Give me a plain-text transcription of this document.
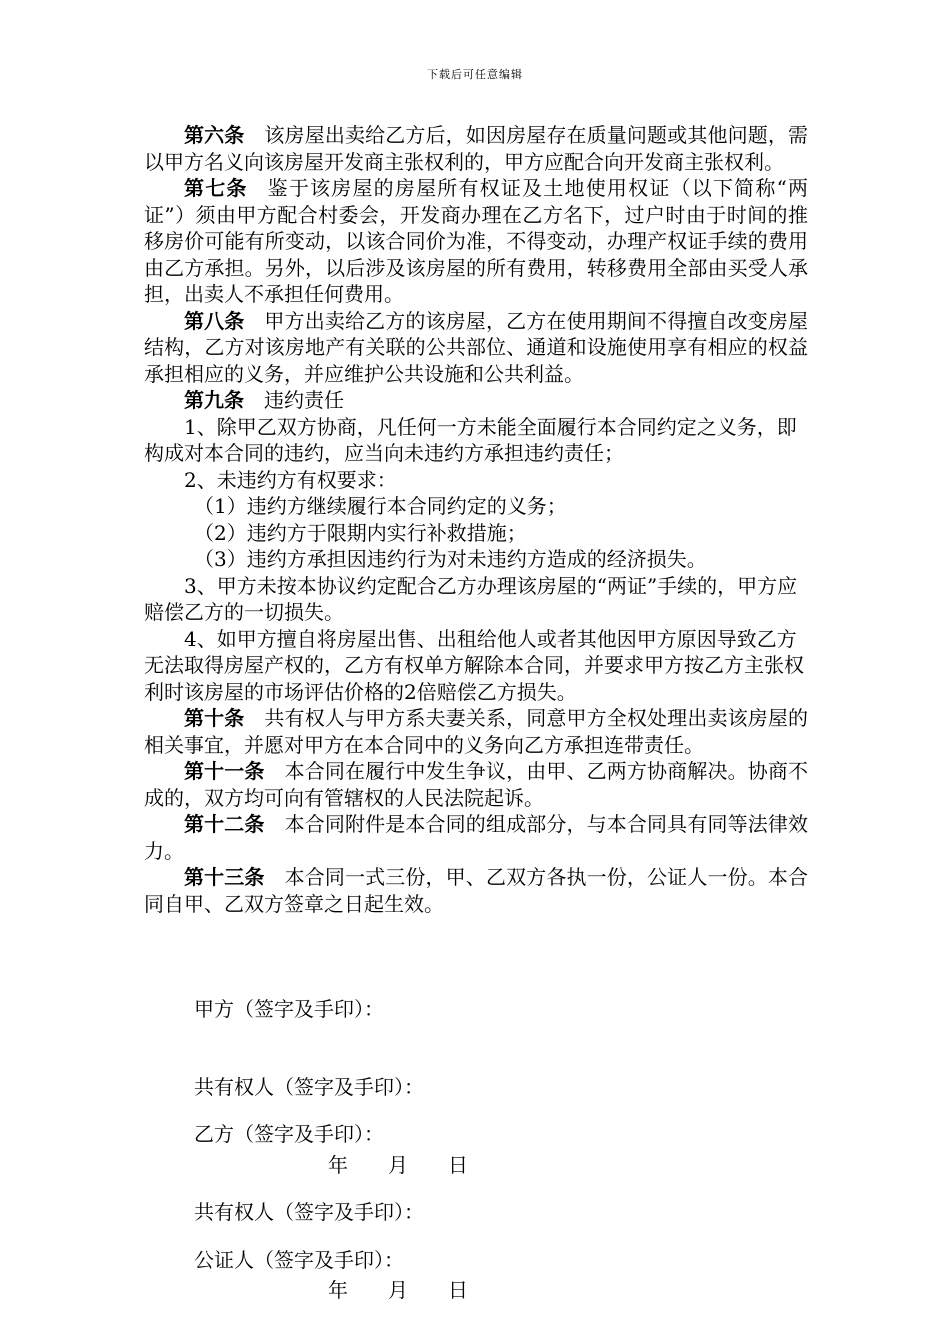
下载后可任意编辑

第六条 该房屋出卖给乙方后，如因房屋存在质量问题或其他问题，需以甲方名义向该房屋开发商主张权利的，甲方应配合向开发商主张权利。

第七条 鉴于该房屋的房屋所有权证及土地使用权证（以下简称“两证”）须由甲方配合村委会，开发商办理在乙方名下，过户时由于时间的推移房价可能有所变动，以该合同价为准，不得变动，办理产权证手续的费用由乙方承担。另外，以后涉及该房屋的所有费用，转移费用全部由买受人承担，出卖人不承担任何费用。

第八条 甲方出卖给乙方的该房屋，乙方在使用期间不得擅自改变房屋结构，乙方对该房地产有关联的公共部位、通道和设施使用享有相应的权益承担相应的义务，并应维护公共设施和公共利益。

第九条 违约责任

1、除甲乙双方协商，凡任何一方未能全面履行本合同约定之义务，即构成对本合同的违约，应当向未违约方承担违约责任；

2、未违约方有权要求：

（1）违约方继续履行本合同约定的义务；

（2）违约方于限期内实行补救措施；

（3）违约方承担因违约行为对未违约方造成的经济损失。

3、甲方未按本协议约定配合乙方办理该房屋的“两证”手续的，甲方应赔偿乙方的一切损失。

4、如甲方擅自将房屋出售、出租给他人或者其他因甲方原因导致乙方无法取得房屋产权的，乙方有权单方解除本合同，并要求甲方按乙方主张权利时该房屋的市场评估价格的2倍赔偿乙方损失。

第十条 共有权人与甲方系夫妻关系，同意甲方全权处理出卖该房屋的相关事宜，并愿对甲方在本合同中的义务向乙方承担连带责任。

第十一条 本合同在履行中发生争议，由甲、乙两方协商解决。协商不成的，双方均可向有管辖权的人民法院起诉。

第十二条 本合同附件是本合同的组成部分，与本合同具有同等法律效力。

第十三条 本合同一式三份，甲、乙双方各执一份，公证人一份。本合同自甲、乙双方签章之日起生效。

甲方（签字及手印）：

共有权人（签字及手印）：

年 月 日

乙方（签字及手印）：

共有权人（签字及手印）：

年 月 日

公证人（签字及手印）：
